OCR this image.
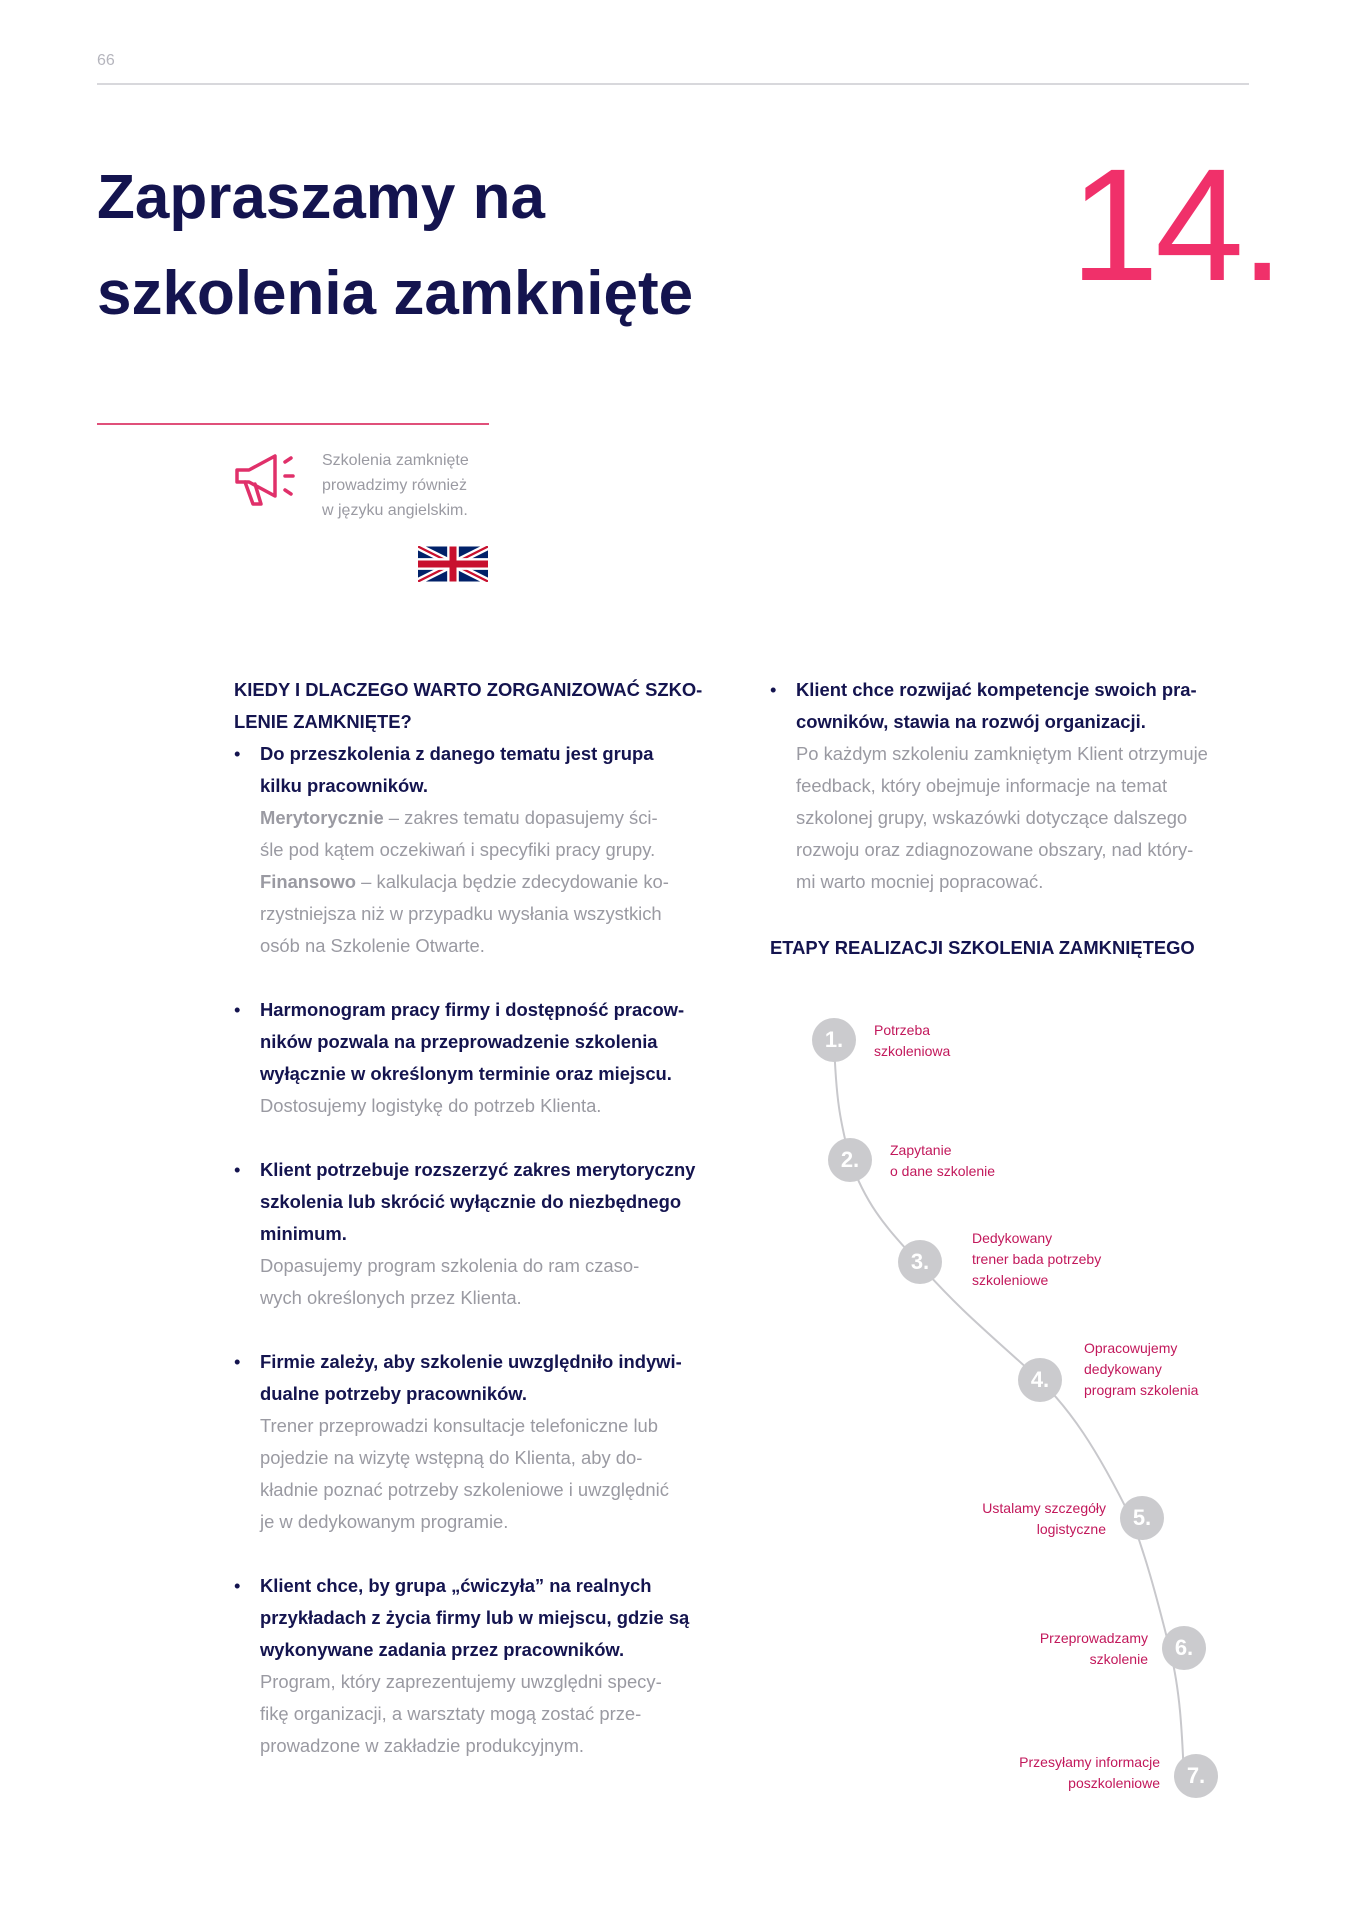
66
Zapraszamy na
szkolenia zamknięte 14.
Szkolenia zamknięte
prowadzimy również
w języku angielskim.
KIEDY I DLACZEGO WARTO ZORGANIZOWAĆ SZKO-
LENIE ZAMKNIĘTE?
• Do przeszkolenia z danego tematu jest grupa
kilku pracowników.
Merytorycznie – zakres tematu dopasujemy ści-
śle pod kątem oczekiwań i specyfiki pracy grupy.
Finansowo – kalkulacja będzie zdecydowanie ko-
rzystniejsza niż w przypadku wysłania wszystkich
osób na Szkolenie Otwarte.
• Harmonogram pracy firmy i dostępność pracow-
ników pozwala na przeprowadzenie szkolenia
wyłącznie w określonym terminie oraz miejscu.
Dostosujemy logistykę do potrzeb Klienta.
• Klient potrzebuje rozszerzyć zakres merytoryczny
szkolenia lub skrócić wyłącznie do niezbędnego
minimum.
Dopasujemy program szkolenia do ram czaso-
wych określonych przez Klienta.
• Firmie zależy, aby szkolenie uwzględniło indywi-
dualne potrzeby pracowników.
Trener przeprowadzi konsultacje telefoniczne lub
pojedzie na wizytę wstępną do Klienta, aby do-
kładnie poznać potrzeby szkoleniowe i uwzględnić
je w dedykowanym programie.
• Klient chce, by grupa „ćwiczyła” na realnych
przykładach z życia firmy lub w miejscu, gdzie są
wykonywane zadania przez pracowników.
Program, który zaprezentujemy uwzględni specy-
fikę organizacji, a warsztaty mogą zostać prze-
prowadzone w zakładzie produkcyjnym.
• Klient chce rozwijać kompetencje swoich pra-
cowników, stawia na rozwój organizacji.
Po każdym szkoleniu zamkniętym Klient otrzymuje
feedback, który obejmuje informacje na temat
szkolonej grupy, wskazówki dotyczące dalszego
rozwoju oraz zdiagnozowane obszary, nad który-
mi warto mocniej popracować.
ETAPY REALIZACJI SZKOLENIA ZAMKNIĘTEGO
1.	Potrzeba
szkoleniowa
2.	Zapytanie
o dane szkolenie
3.
Dedykowany
trener bada potrzeby
szkoleniowe
4.
Opracowujemy
dedykowany
program szkolenia
5.
Ustalamy szczegóły
logistyczne
6.
Przeprowadzamy
szkolenie
7.
Przesyłamy informacje
poszkoleniowe
